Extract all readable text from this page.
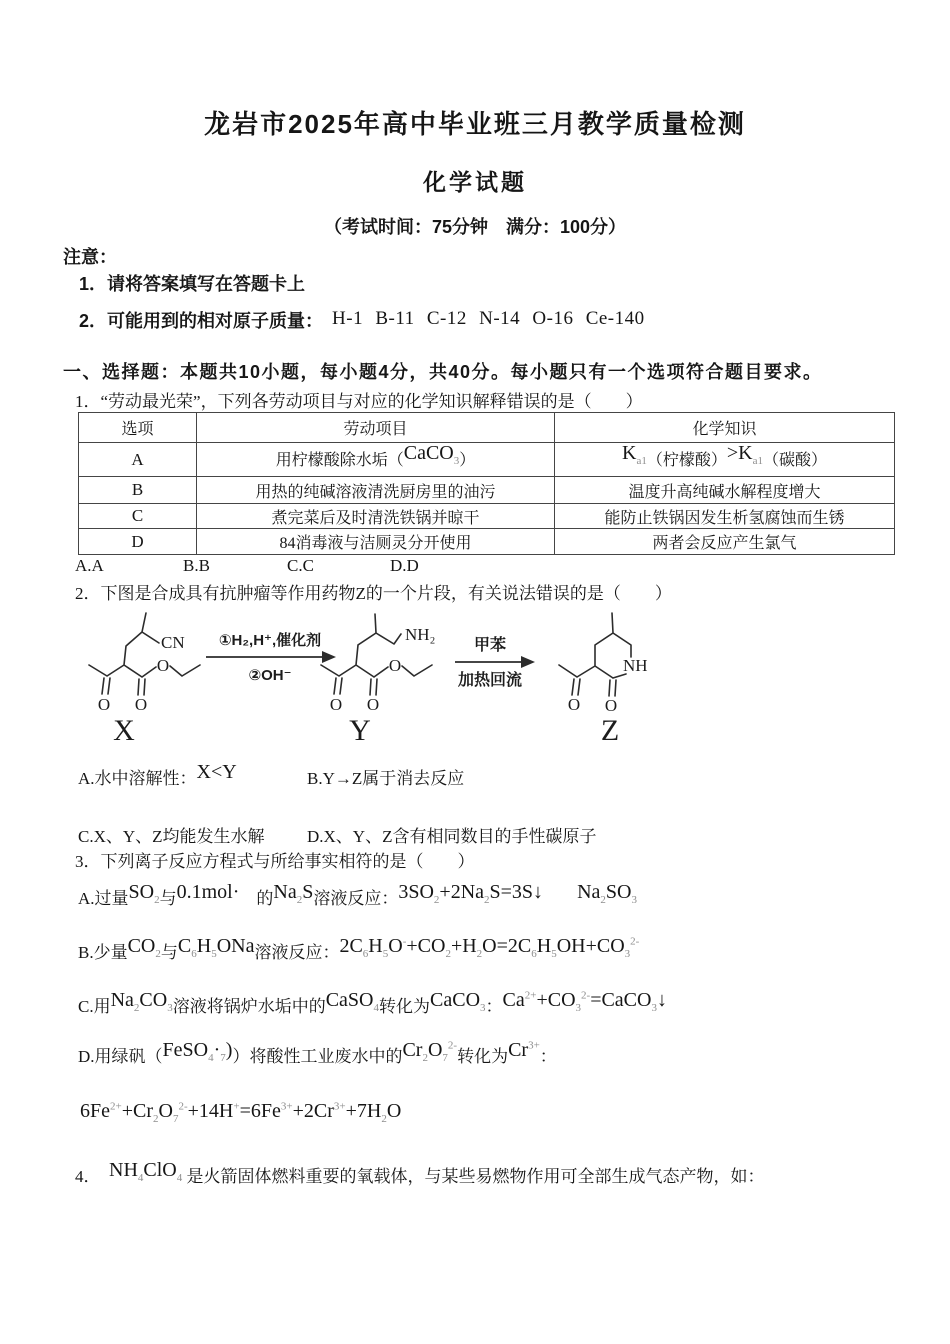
龙岩市2025年高中毕业班三月教学质量检测
化学试题
（考试时间：75分钟　满分：100分）
注意：
1．请将答案填写在答题卡上
2．可能用到的相对原子质量： H-1 B-11 C-12 N-14 O-16 Ce-140
一、选择题：本题共10小题，每小题4分，共40分。每小题只有一个选项符合题目要求。
1．“劳动最光荣”，下列各劳动项目与对应的化学知识解释错误的是（　　）
选项	劳动项目	化学知识
A	用柠檬酸除水垢（CaCO$_3$）	$K_{a1}$（柠檬酸）$>K_{a1}$（碳酸）
B	用热的纯碱溶液清洗厨房里的油污	温度升高纯碱水解程度增大
C	煮完菜后及时清洗铁锅并晾干	能防止铁锅因发生析氢腐蚀而生锈
D	84消毒液与洁厕灵分开使用	两者会反应产生氯气
A.A	B.B	C.C	D.D
2．下图是合成具有抗肿瘤等作用药物Z的一个片段，有关说法错误的是（　　）
CN
O O
O
X
①H₂,H⁺,催化剂
②OH⁻
NH₂
O O
O
Y
甲苯
加热回流
NH
O
O
Z
A.水中溶解性：X<Y	B.Y→Z属于消去反应
C.X、Y、Z均能发生水解 D.X、Y、Z含有相同数目的手性碳原子
3．下列离子反应方程式与所给事实相符的是（　　）
A.过量$SO_2$与0.1mol·　的$Na_2S$溶液反应：$3SO_2+2Na_2S=3S↓$　　 $Na_2SO_3$
B.少量$CO_2$与$C_6H_5ONa$溶液反应：$2C_6H_5O^-+CO_2+H_2O=2C_6H_5OH+CO_3^{2-}$
C.用$Na_2CO_3$溶液将锅炉水垢中的CaSO$_4$转化为CaCO$_3$：$Ca^{2+}+CO_3^{2-}=CaCO_3↓$
D.用绿矾$(FeSO_4\cdot_7)$）将酸性工业废水中的$Cr_2O_7^{2-}$转化为$Cr^{3+}$：
$6Fe^{2+}+Cr_2O_7^{2-}+14H^+=6Fe^{3+}+2Cr^{3+}+7H_2O$
4．　$NH_4ClO_4$ 是火箭固体燃料重要的氧载体，与某些易燃物作用可全部生成气态产物，如：
